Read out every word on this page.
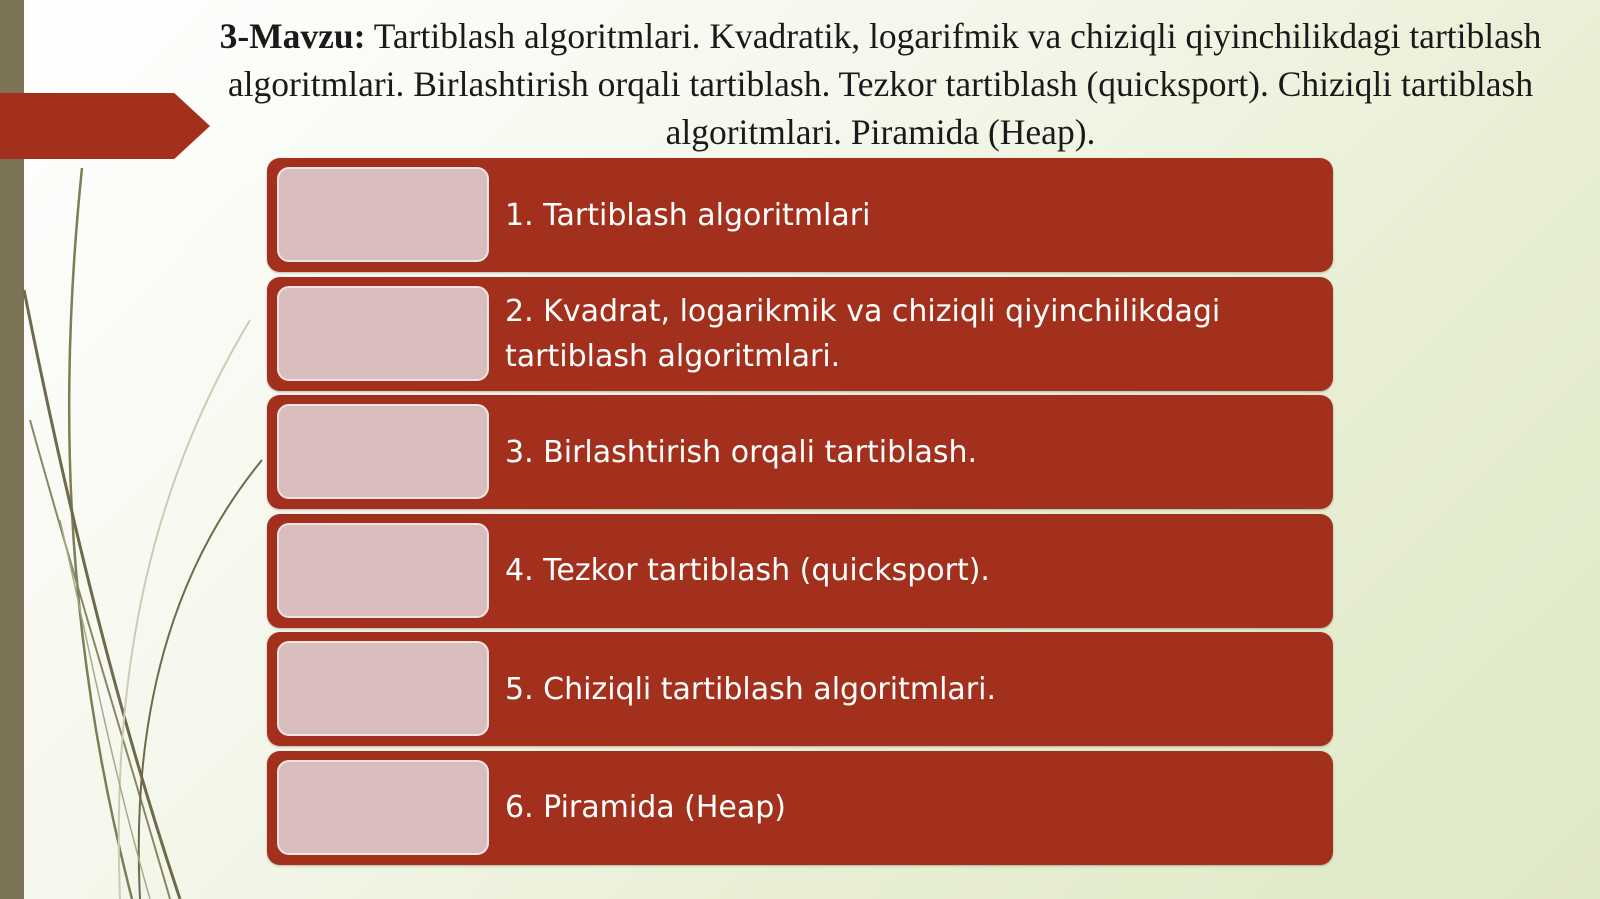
3-Mavzu: Tartiblash algoritmlari. Kvadratik, logarifmik va chiziqli qiyinchilikdagi tartiblash algoritmlari. Birlashtirish orqali tartiblash. Tezkor tartiblash (quicksport). Chiziqli tartiblash algoritmlari. Piramida (Heap).
1. Tartiblash algoritmlari
2. Kvadrat, logarikmik va chiziqli qiyinchilikdagi tartiblash algoritmlari.
3. Birlashtirish orqali tartiblash.
4. Tezkor tartiblash (quicksport).
5. Chiziqli tartiblash algoritmlari.
6. Piramida (Heap)
